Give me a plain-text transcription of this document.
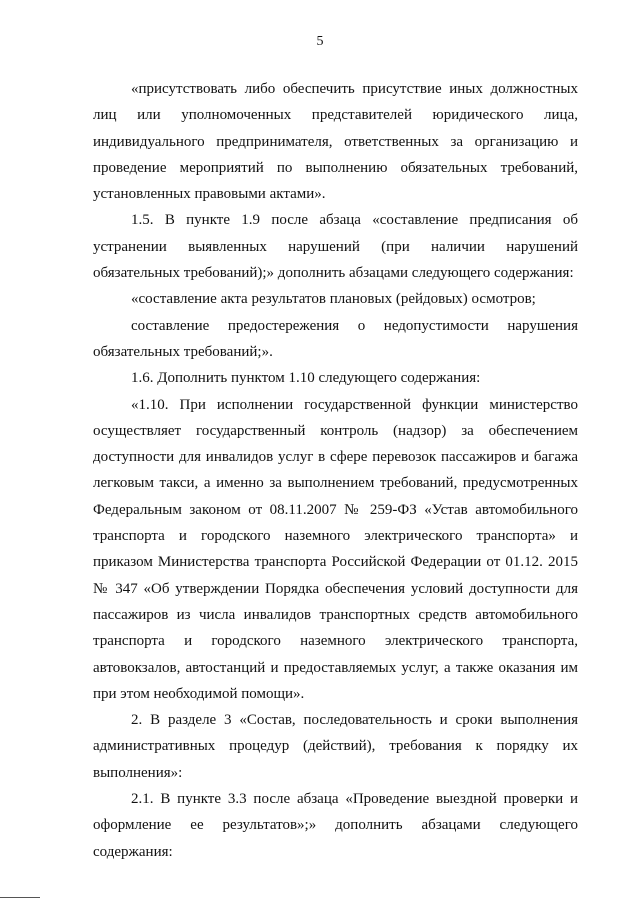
5

«присутствовать либо обеспечить присутствие иных должностных лиц или уполномоченных представителей юридического лица, индивидуального предпринимателя, ответственных за организацию и проведение мероприятий по выполнению обязательных требований, установленных правовыми актами».

1.5. В пункте 1.9 после абзаца «составление предписания об устранении выявленных нарушений (при наличии нарушений обязательных требований);» дополнить абзацами следующего содержания:

«составление акта результатов плановых (рейдовых) осмотров;

составление предостережения о недопустимости нарушения обязательных требований;».

1.6. Дополнить пунктом 1.10 следующего содержания:

«1.10. При исполнении государственной функции министерство осуществляет государственный контроль (надзор) за обеспечением доступности для инвалидов услуг в сфере перевозок пассажиров и багажа легковым такси, а именно за выполнением требований, предусмотренных Федеральным законом от 08.11.2007 № 259-ФЗ «Устав автомобильного транспорта и городского наземного электрического транспорта» и приказом Министерства транспорта Российской Федерации от 01.12. 2015 № 347 «Об утверждении Порядка обеспечения условий доступности для пассажиров из числа инвалидов транспортных средств автомобильного транспорта и городского наземного электрического транспорта, автовокзалов, автостанций и предоставляемых услуг, а также оказания им при этом необходимой помощи».

2. В разделе 3 «Состав, последовательность и сроки выполнения административных процедур (действий), требования к порядку их выполнения»:

2.1. В пункте 3.3 после абзаца «Проведение выездной проверки и оформление ее результатов»;» дополнить абзацами следующего содержания:
